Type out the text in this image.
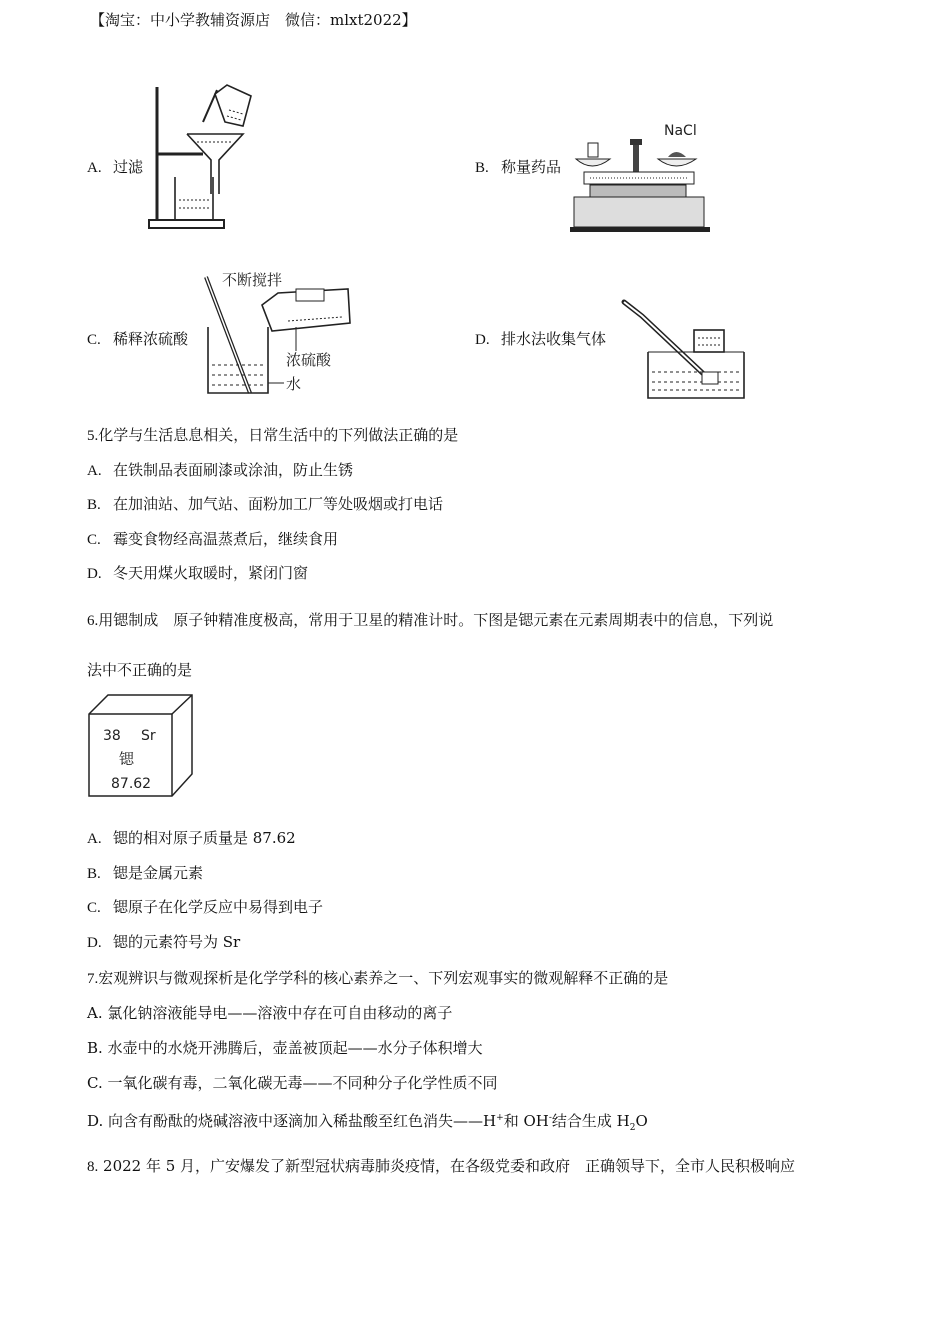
【淘宝：中小学教辅资源店　微信：mlxt2022】
A. 过滤	B. 称量药品
NaCl
C. 稀释浓硫酸
不断搅拌
浓硫酸
水
D. 排水法收集气体
5.化学与生活息息相关，日常生活中的下列做法正确的是
A. 在铁制品表面刷漆或涂油，防止生锈
B. 在加油站、加气站、面粉加工厂等处吸烟或打电话
C. 霉变食物经高温蒸煮后，继续食用
D. 冬天用煤火取暖时，紧闭门窗
6.用锶制成　原子钟精准度极高，常用于卫星的精准计时。下图是锶元素在元素周期表中的信息，下列说
法中不正确的是
38 Sr
锶
87.62
A. 锶的相对原子质量是 87.62
B. 锶是金属元素
C. 锶原子在化学反应中易得到电子
D. 锶的元素符号为 Sr
7.宏观辨识与微观探析是化学学科的核心素养之一、下列宏观事实的微观解释不正确的是
A. 氯化钠溶液能导电——溶液中存在可自由移动的离子
B. 水壶中的水烧开沸腾后，壶盖被顶起——水分子体积增大
C. 一氧化碳有毒，二氧化碳无毒——不同种分子化学性质不同
D. 向含有酚酞的烧碱溶液中逐滴加入稀盐酸至红色消失——H+和 OH-结合生成 $H_2O$
8. 2022 年 5 月，广安爆发了新型冠状病毒肺炎疫情，在各级党委和政府　正确领导下，全市人民积极响应
